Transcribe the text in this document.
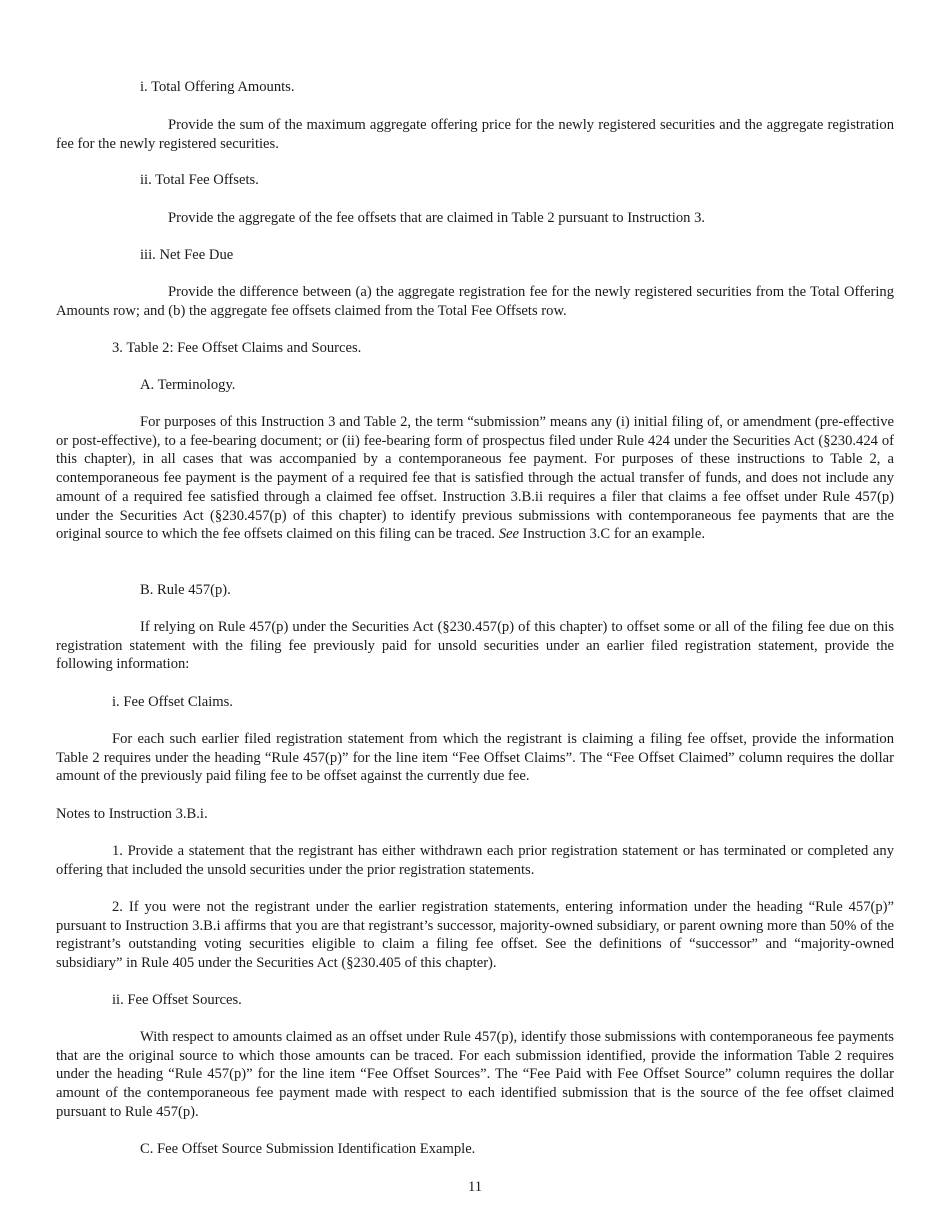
i. Total Offering Amounts.

Provide the sum of the maximum aggregate offering price for the newly registered securities and the aggregate registration fee for the newly registered securities.

ii. Total Fee Offsets.

Provide the aggregate of the fee offsets that are claimed in Table 2 pursuant to Instruction 3.

iii. Net Fee Due

Provide the difference between (a) the aggregate registration fee for the newly registered securities from the Total Offering Amounts row; and (b) the aggregate fee offsets claimed from the Total Fee Offsets row.

3. Table 2: Fee Offset Claims and Sources.

A. Terminology.

For purposes of this Instruction 3 and Table 2, the term “submission” means any (i) initial filing of, or amendment (pre-effective or post-effective), to a fee-bearing document; or (ii) fee-bearing form of prospectus filed under Rule 424 under the Securities Act (§230.424 of this chapter), in all cases that was accompanied by a contemporaneous fee payment. For purposes of these instructions to Table 2, a contemporaneous fee payment is the payment of a required fee that is satisfied through the actual transfer of funds, and does not include any amount of a required fee satisfied through a claimed fee offset. Instruction 3.B.ii requires a filer that claims a fee offset under Rule 457(p) under the Securities Act (§230.457(p) of this chapter) to identify previous submissions with contemporaneous fee payments that are the original source to which the fee offsets claimed on this filing can be traced. See Instruction 3.C for an example.

B. Rule 457(p).

If relying on Rule 457(p) under the Securities Act (§230.457(p) of this chapter) to offset some or all of the filing fee due on this registration statement with the filing fee previously paid for unsold securities under an earlier filed registration statement, provide the following information:

i. Fee Offset Claims.

For each such earlier filed registration statement from which the registrant is claiming a filing fee offset, provide the information Table 2 requires under the heading “Rule 457(p)” for the line item “Fee Offset Claims”. The “Fee Offset Claimed” column requires the dollar amount of the previously paid filing fee to be offset against the currently due fee.

Notes to Instruction 3.B.i.

1. Provide a statement that the registrant has either withdrawn each prior registration statement or has terminated or completed any offering that included the unsold securities under the prior registration statements.

2. If you were not the registrant under the earlier registration statements, entering information under the heading “Rule 457(p)” pursuant to Instruction 3.B.i affirms that you are that registrant’s successor, majority-owned subsidiary, or parent owning more than 50% of the registrant’s outstanding voting securities eligible to claim a filing fee offset. See the definitions of “successor” and “majority-owned subsidiary” in Rule 405 under the Securities Act (§230.405 of this chapter).

ii. Fee Offset Sources.

With respect to amounts claimed as an offset under Rule 457(p), identify those submissions with contemporaneous fee payments that are the original source to which those amounts can be traced. For each submission identified, provide the information Table 2 requires under the heading “Rule 457(p)” for the line item “Fee Offset Sources”. The “Fee Paid with Fee Offset Source” column requires the dollar amount of the contemporaneous fee payment made with respect to each identified submission that is the source of the fee offset claimed pursuant to Rule 457(p).

C. Fee Offset Source Submission Identification Example.

11
